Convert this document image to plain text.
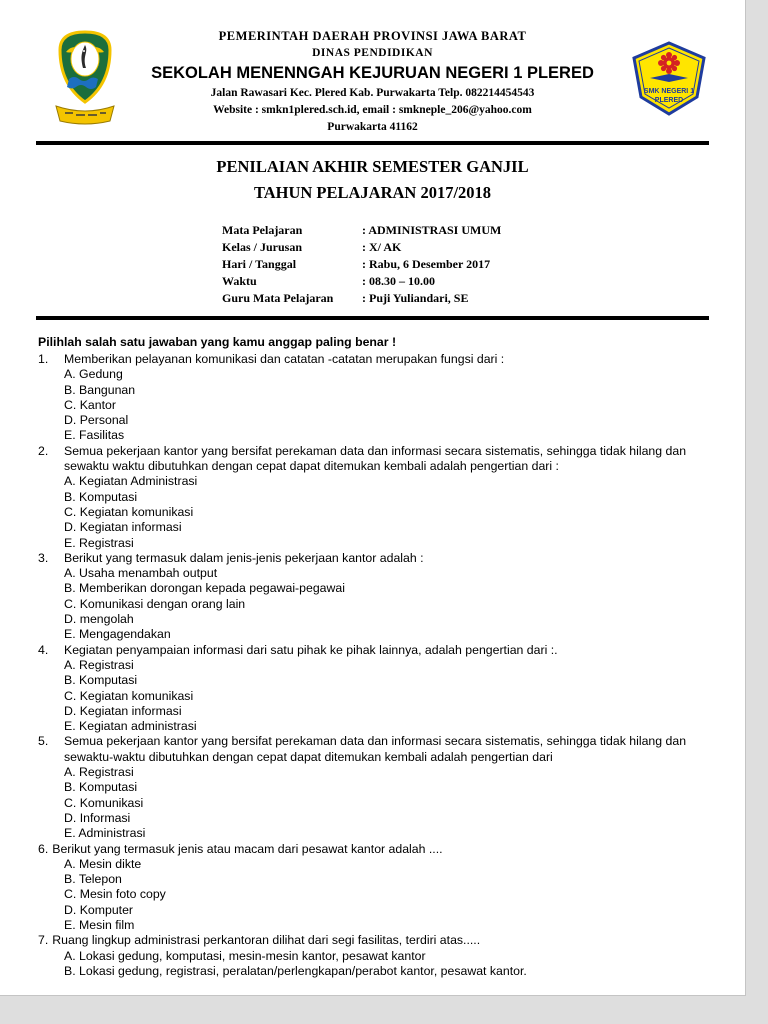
SMK NEGERI 1
PLERED
PEMERINTAH DAERAH PROVINSI JAWA BARAT
DINAS PENDIDIKAN
SEKOLAH MENENNGAH KEJURUAN NEGERI 1 PLERED
Jalan Rawasari Kec. Plered Kab. Purwakarta Telp. 082214454543
Website : smkn1plered.sch.id, email : smkneple_206@yahoo.com
Purwakarta 41162
PENILAIAN AKHIR SEMESTER GANJIL
TAHUN PELAJARAN 2017/2018
Mata Pelajaran	: ADMINISTRASI UMUM
Kelas / Jurusan	: X/ AK
Hari / Tanggal	: Rabu, 6 Desember 2017
Waktu	: 08.30 – 10.00
Guru Mata Pelajaran	: Puji Yuliandari, SE
Pilihlah salah satu jawaban yang kamu anggap paling benar !
1. Memberikan pelayanan komunikasi dan catatan -catatan merupakan fungsi dari :
A. Gedung
B. Bangunan
C. Kantor
D. Personal
E. Fasilitas
2. Semua pekerjaan kantor yang bersifat perekaman data dan informasi secara sistematis, sehingga tidak hilang dan sewaktu waktu dibutuhkan dengan cepat dapat ditemukan kembali adalah pengertian dari :
A. Kegiatan Administrasi
B. Komputasi
C. Kegiatan komunikasi
D. Kegiatan informasi
E. Registrasi
3. Berikut yang termasuk dalam jenis-jenis pekerjaan kantor adalah :
A. Usaha menambah output
B. Memberikan dorongan kepada pegawai-pegawai
C. Komunikasi dengan orang lain
D. mengolah
E. Mengagendakan
4. Kegiatan penyampaian informasi dari satu pihak ke pihak lainnya, adalah pengertian dari :.
A. Registrasi
B. Komputasi
C. Kegiatan komunikasi
D. Kegiatan informasi
E. Kegiatan administrasi
5. Semua pekerjaan kantor yang bersifat perekaman data dan informasi secara sistematis, sehingga tidak hilang dan sewaktu-waktu dibutuhkan dengan cepat dapat ditemukan kembali adalah pengertian dari
A. Registrasi
B. Komputasi
C. Komunikasi
D. Informasi
E. Administrasi
6. Berikut yang termasuk jenis atau macam dari pesawat kantor adalah ....
A. Mesin dikte
B. Telepon
C. Mesin foto copy
D. Komputer
E. Mesin film
7. Ruang lingkup administrasi perkantoran dilihat dari segi fasilitas, terdiri atas.....
A. Lokasi gedung, komputasi, mesin-mesin kantor, pesawat kantor
B. Lokasi gedung, registrasi, peralatan/perlengkapan/perabot kantor, pesawat kantor.
